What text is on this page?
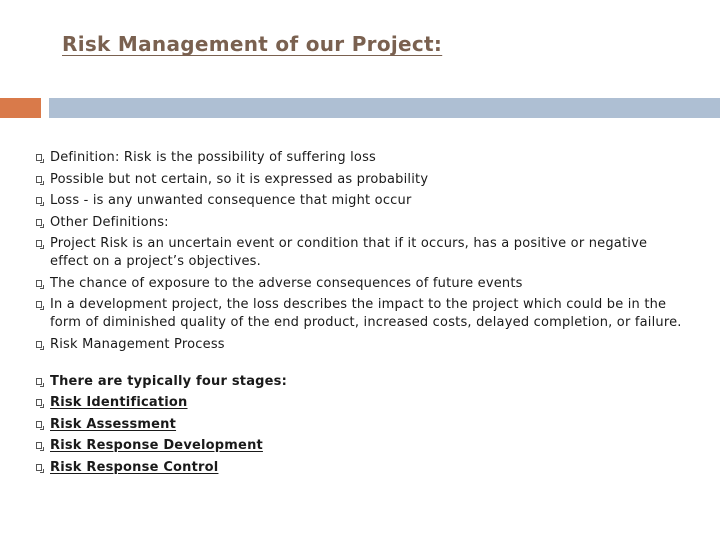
Risk Management of our Project:
Definition: Risk is the possibility of suffering loss
Possible but not certain, so it is expressed as probability
Loss - is any unwanted consequence that might occur
Other Definitions:
Project Risk is an uncertain event or condition that if it occurs, has a positive or negative effect on a project’s objectives.
The chance of exposure to the adverse consequences of future events
In a development project, the loss describes the impact to the project which could be in the form of diminished quality of the end product, increased costs, delayed completion, or failure.
Risk Management Process
There are typically four stages:
Risk Identification
Risk Assessment
Risk Response Development
Risk Response Control
